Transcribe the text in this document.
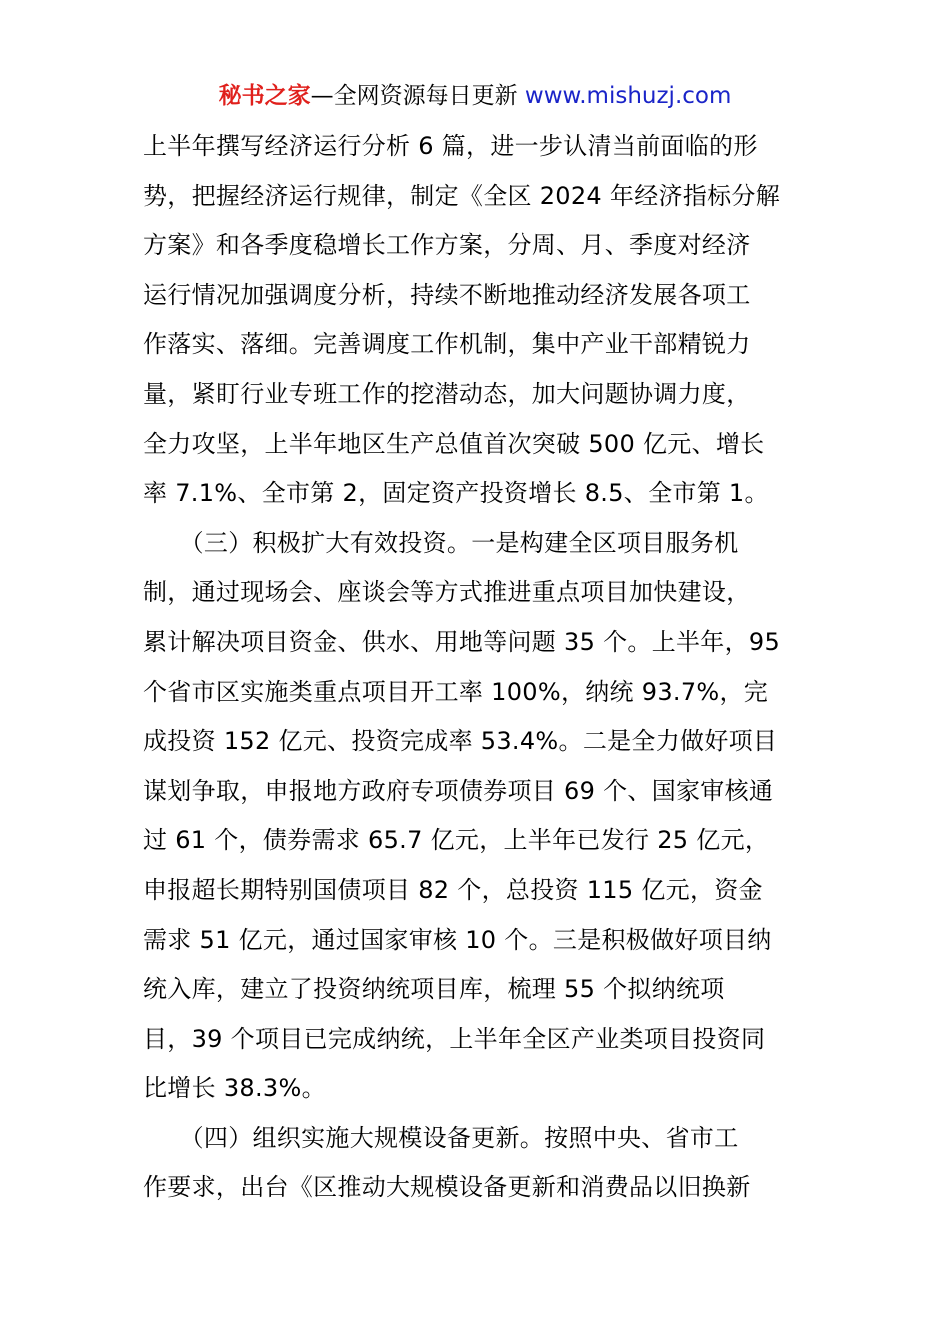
秘书之家—全网资源每日更新 www.mishuzj.com
上半年撰写经济运行分析 6 篇，进一步认清当前面临的形
势，把握经济运行规律，制定《全区 2024 年经济指标分解
方案》和各季度稳增长工作方案，分周、月、季度对经济
运行情况加强调度分析，持续不断地推动经济发展各项工
作落实、落细。完善调度工作机制，集中产业干部精锐力
量，紧盯行业专班工作的挖潜动态，加大问题协调力度，
全力攻坚，上半年地区生产总值首次突破 500 亿元、增长
率 7.1%、全市第 2，固定资产投资增长 8.5、全市第 1。
　　（三）积极扩大有效投资。一是构建全区项目服务机
制，通过现场会、座谈会等方式推进重点项目加快建设，
累计解决项目资金、供水、用地等问题 35 个。上半年，95
个省市区实施类重点项目开工率 100%，纳统 93.7%，完
成投资 152 亿元、投资完成率 53.4%。二是全力做好项目
谋划争取，申报地方政府专项债券项目 69 个、国家审核通
过 61 个，债券需求 65.7 亿元，上半年已发行 25 亿元，
申报超长期特别国债项目 82 个，总投资 115 亿元，资金
需求 51 亿元，通过国家审核 10 个。三是积极做好项目纳
统入库，建立了投资纳统项目库，梳理 55 个拟纳统项
目，39 个项目已完成纳统，上半年全区产业类项目投资同
比增长 38.3%。
　　（四）组织实施大规模设备更新。按照中央、省市工
作要求，出台《区推动大规模设备更新和消费品以旧换新
